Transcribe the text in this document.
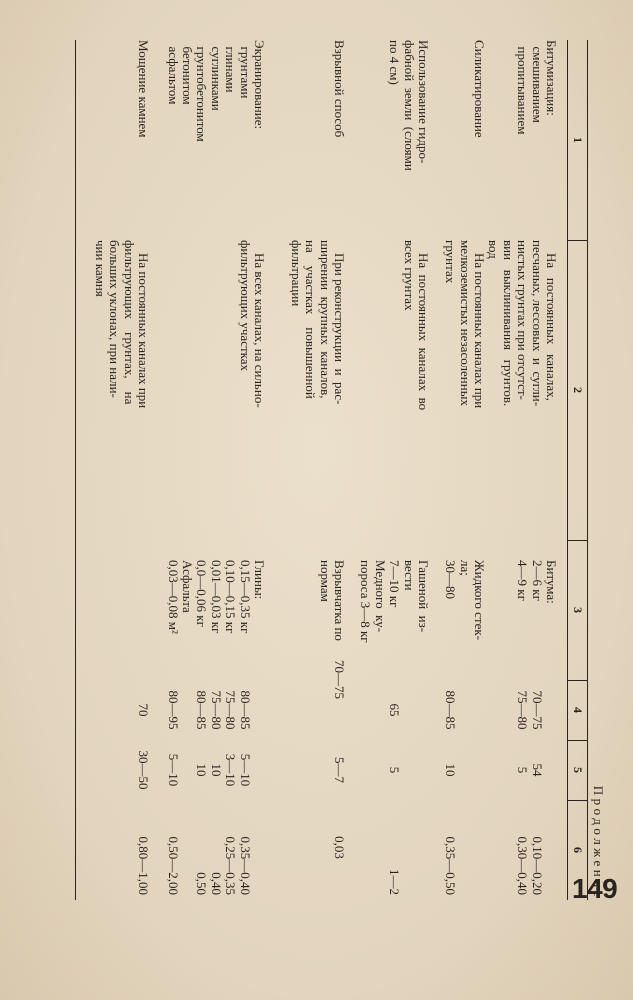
Продолжение
1
2
3
4
5
6
Битумизация:
смешиванием
пропитыванием
На   постоянных   каналах,
песчаных, лессовых  и  сугли-
нистых грунтах при отсутст-
вии   выклинивания   грунтов.
вод
Битума:
2—6 кг
4—9 кг

70—75
75—80

54
5

0,10—0,20
0,30—0,40
Силикатирование
На постоянных каналах при
мелкоземистых незасоленных
грунтах
Жидкого стек-
ла;
30—80

80—85

10

0,35—0,50
Использование гидро-
фабной  земли  (слоями
по 4 см)
На  постоянных  каналах  во
всех грунтах
Гашеной  из-
вести
7—10 кг
Медного  ку-
пороса 3—8 кг

65

5

1—2
Взрывной способ
При реконструкции  и  рас-
ширении  крупных  каналов,
на    участках    повышенной
фильтрации
Взрывчатка по
нормам
70—75
5—7
0,03
Экранирование:
грунтами
глинами
суглинками
грунтобетонитом
бетонитом
асфальтом
На всех каналах, на сильно-
фильтрующих участках
Глины:
0,15—0,35 кг
0,10—0,15 кг
0,01—0,03 кг
0,0—0,06 кг
Асфальта
0,03—0,08 м²

80—85
75—80
75—80
80—85

80—95

5—10
3—10
10
10

5—10

0,35—0,40
0,25—0,35
0,40
0,50

0,50—2,00
Мощение камнем
На постоянных каналах при
фильтрующих    грунтах,    на
больших уклонах, при нали-
чии камня
70
30—50
0,80—1,00	149
